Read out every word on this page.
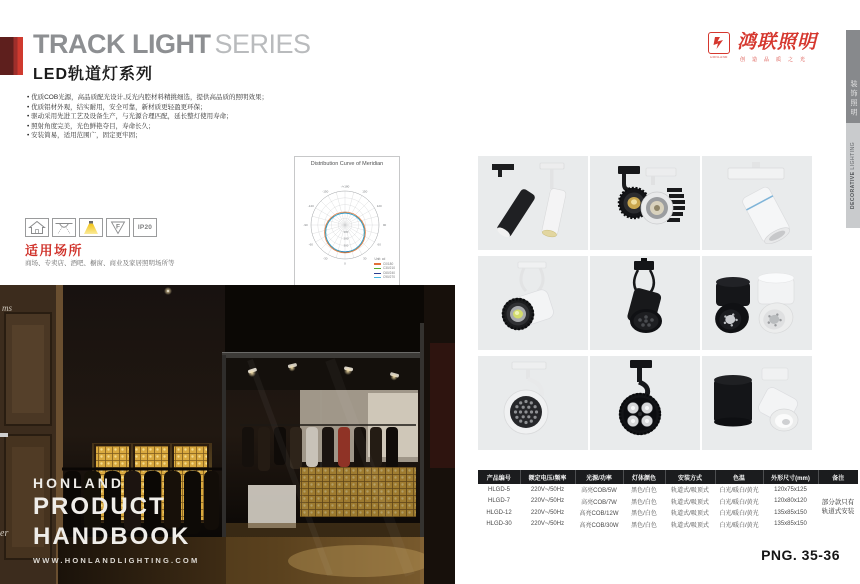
TRACK LIGHT SERIES
LED轨道灯系列
• 优质COB光源，高品质配光设计,反光内腔材料精挑细选，提供高品质的照明效果；
• 优质铝材外观，结实耐用，安全可靠，新材质更轻盈更环保；
• 驱动采用先进工艺及设备生产，与光源合理匹配，延长整灯使用寿命；
• 照射角度完美，光色鲜艳夺目，寿命长久；
• 安装简易，适用范围广，固定更牢固；
F	IP20
适用场所
商场、专卖店、酒吧、橱窗、商业及家居照明场所等
Distribution Curve of Meridian
-/+180
-150	150
-120	120
-90	90
-60	60
-30	30
0
100
200
300
400
Unit: cd
C0/180
C30/210
C60/240
C90/270
HONLAND
鸿联照明
创造品质之光
装饰照明
DECORATIVE LIGHTING
ms
er
HONLAND
PRODUCT
HANDBOOK
WWW.HONLANDLIGHTING.COM
产品编号	额定电压/频率	光源/功率	灯体颜色	安装方式	色温	外形尺寸(mm)	备注
HLGD-5	220V~/50Hz	高亮COB/5W	黑色/白色	轨道式/吸顶式	白光/暖白/黄光	120x75x125	部分款只有
轨道式安装

HLGD-7	220V~/50Hz	高亮COB/7W	黑色/白色	轨道式/吸顶式	白光/暖白/黄光	120x80x120	
HLGD-12	220V~/50Hz	高亮COB/12W	黑色/白色	轨道式/吸顶式	白光/暖白/黄光	135x85x150	
HLGD-30	220V~/50Hz	高亮COB/30W	黑色/白色	轨道式/吸顶式	白光/暖白/黄光	135x85x150	
PNG. 35-36
